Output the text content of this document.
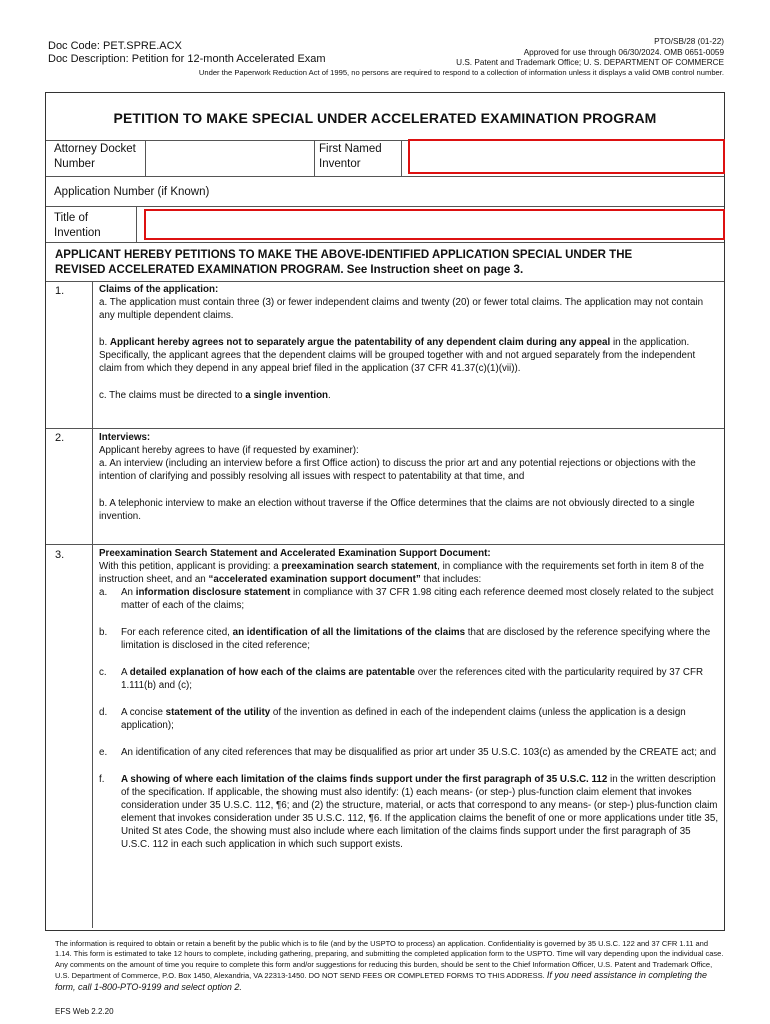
Doc Code: PET.SPRE.ACX
Doc Description: Petition for 12-month Accelerated Exam
PTO/SB/28 (01-22)
Approved for use through 06/30/2024. OMB 0651-0059
U.S. Patent and Trademark Office; U. S. DEPARTMENT OF COMMERCE
Under the Paperwork Reduction Act of 1995, no persons are required to respond to a collection of information unless it displays a valid OMB control number.
PETITION TO MAKE SPECIAL UNDER ACCELERATED EXAMINATION PROGRAM
Attorney Docket
Number
First Named
Inventor
Application Number (if Known)
Title of
Invention
APPLICANT HEREBY PETITIONS TO MAKE THE ABOVE-IDENTIFIED APPLICATION SPECIAL UNDER THE
REVISED ACCELERATED EXAMINATION PROGRAM. See Instruction sheet on page 3.
1.	Claims of the application:
a. The application must contain three (3) or fewer independent claims and twenty (20) or fewer total claims. The application may not contain any multiple dependent claims.
b. Applicant hereby agrees not to separately argue the patentability of any dependent claim during any appeal in the application. Specifically, the applicant agrees that the dependent claims will be grouped together with and not argued separately from the independent claim from which they depend in any appeal brief filed in the application (37 CFR 41.37(c)(1)(vii)).
c. The claims must be directed to a single invention.
2.	Interviews:
Applicant hereby agrees to have (if requested by examiner):
a. An interview (including an interview before a first Office action) to discuss the prior art and any potential rejections or objections with the intention of clarifying and possibly resolving all issues with respect to patentability at that time, and
b. A telephonic interview to make an election without traverse if the Office determines that the claims are not obviously directed to a single invention.
3.	Preexamination Search Statement and Accelerated Examination Support Document:
With this petition, applicant is providing: a preexamination search statement, in compliance with the requirements set forth in item 8 of the instruction sheet, and an “accelerated examination support document” that includes:
a.	An information disclosure statement in compliance with 37 CFR 1.98 citing each reference deemed most closely related to the subject matter of each of the claims;
b.	For each reference cited, an identification of all the limitations of the claims that are disclosed by the reference specifying where the limitation is disclosed in the cited reference;
c.	A detailed explanation of how each of the claims are patentable over the references cited with the particularity required by 37 CFR 1.111(b) and (c);
d.	A concise statement of the utility of the invention as defined in each of the independent claims (unless the application is a design application);
e.	An identification of any cited references that may be disqualified as prior art under 35 U.S.C. 103(c) as amended by the CREATE act; and
f.	A showing of where each limitation of the claims finds support under the first paragraph of 35 U.S.C. 112 in the written description of the specification. If applicable, the showing must also identify: (1) each means- (or step-) plus-function claim element that invokes consideration under 35 U.S.C. 112, ¶6; and (2) the structure, material, or acts that correspond to any means- (or step-) plus-function claim element that invokes consideration under 35 U.S.C. 112, ¶6. If the application claims the benefit of one or more applications under title 35, United St ates Code, the showing must also include where each limitation of the claims finds support under the first paragraph of 35 U.S.C. 112 in each such application in which such support exists.
The information is required to obtain or retain a benefit by the public which is to file (and by the USPTO to process) an application. Confidentiality is governed by 35 U.S.C. 122 and 37 CFR 1.11 and 1.14. This form is estimated to take 12 hours to complete, including gathering, preparing, and submitting the completed application form to the USPTO. Time will vary depending upon the individual case. Any comments on the amount of time you require to complete this form and/or suggestions for reducing this burden, should be sent to the Chief Information Officer, U.S. Patent and Trademark Office, U.S. Department of Commerce, P.O. Box 1450, Alexandria, VA 22313-1450. DO NOT SEND FEES OR COMPLETED FORMS TO THIS ADDRESS. If you need assistance in completing the form, call 1-800-PTO-9199 and select option 2.
EFS Web 2.2.20
